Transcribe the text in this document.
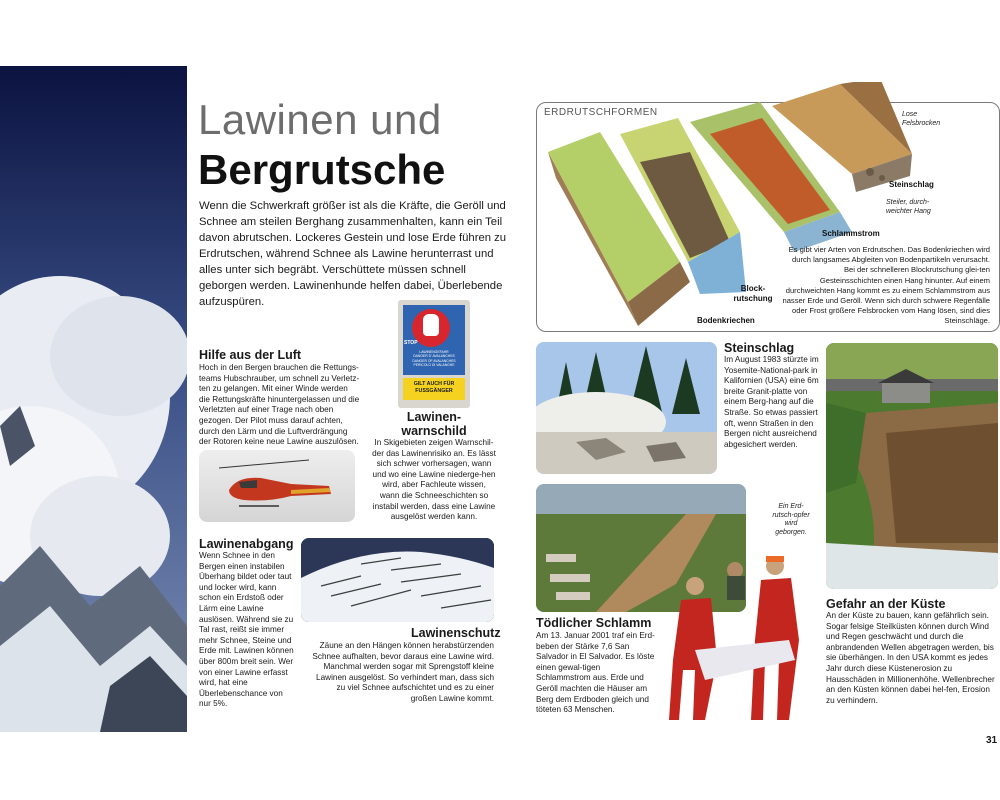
Lawinen und
Bergrutsche
Wenn die Schwerkraft größer ist als die Kräfte, die Geröll und Schnee am steilen Berghang zusammenhalten, kann ein Teil davon abrutschen. Lockeres Gestein und lose Erde führen zu Erdrutschen, während Schnee als Lawine herunterrast und alles unter sich begräbt. Verschüttete müssen schnell geborgen werden. Lawinenhunde helfen dabei, Überlebende aufzuspüren.
Hilfe aus der Luft
Hoch in den Bergen brauchen die Rettungs-teams Hubschrauber, um schnell zu Verletz-ten zu gelangen. Mit einer Winde werden die Rettungskräfte hinuntergelassen und die Verletzten auf einer Trage nach oben gezogen. Der Pilot muss darauf achten, durch den Lärm und die Luftverdrängung der Rotoren keine neue Lawine auszulösen.
STOP
LAWINENGEFAHR
DANGER D' AVALANCHES
DANGER OF AVALANCHES
PERICOLO DI VALANGHE
GILT AUCH FÜR
FUSSGÄNGER
Lawinen-
warnschild
In Skigebieten zeigen Warnschil-der das Lawinenrisiko an. Es lässt sich schwer vorhersagen, wann und wo eine Lawine niederge-hen wird, aber Fachleute wissen, wann die Schneeschichten so instabil werden, dass eine Lawine ausgelöst werden kann.
Lawinenabgang
Wenn Schnee in den Bergen einen instabilen Überhang bildet oder taut und locker wird, kann schon ein Erdstoß oder Lärm eine Lawine auslösen. Während sie zu Tal rast, reißt sie immer mehr Schnee, Steine und Erde mit. Lawinen können über 800m breit sein. Wer von einer Lawine erfasst wird, hat eine Überlebenschance von nur 5%.
Lawinenschutz
Zäune an den Hängen können herabstürzenden Schnee aufhalten, bevor daraus eine Lawine wird. Manchmal werden sogar mit Sprengstoff kleine Lawinen ausgelöst. So verhindert man, dass sich zu viel Schnee aufschichtet und es zu einer großen Lawine kommt.
ERDRUTSCHFORMEN	Lose Felsbrocken
Steinschlag
Steiler, durch-weichter Hang
Schlammstrom
Block-rutschung
Bodenkriechen
Es gibt vier Arten von Erdrutschen. Das Bodenkriechen wird durch langsames Abgleiten von Bodenpartikeln verursacht. Bei der schnelleren Blockrutschung glei-ten Gesteinsschichten einen Hang hinunter. Auf einem durchweichten Hang kommt es zu einem Schlammstrom aus nasser Erde und Geröll. Wenn sich durch schwere Regenfälle oder Frost größere Felsbrocken vom Hang lösen, sind dies Steinschläge.
Steinschlag
Im August 1983 stürzte im Yosemite-National-park in Kalifornien (USA) eine 6m breite Granit-platte von einem Berg-hang auf die Straße. So etwas passiert oft, wenn Straßen in den Bergen nicht ausreichend abgesichert werden.
Ein Erd-rutsch-opfer wird geborgen.
Tödlicher Schlamm
Am 13. Januar 2001 traf ein Erd-beben der Stärke 7,6 San Salvador in El Salvador. Es löste einen gewal-tigen Schlammstrom aus. Erde und Geröll machten die Häuser am Berg dem Erdboden gleich und töteten 63 Menschen.
Gefahr an der Küste
An der Küste zu bauen, kann gefährlich sein. Sogar felsige Steilküsten können durch Wind und Regen geschwächt und durch die anbrandenden Wellen abgetragen werden, bis sie überhängen. In den USA kommt es jedes Jahr durch diese Küstenerosion zu Hausschäden in Millionenhöhe. Wellenbrecher an den Küsten können dabei hel-fen, Erosion zu verhindern.
31
